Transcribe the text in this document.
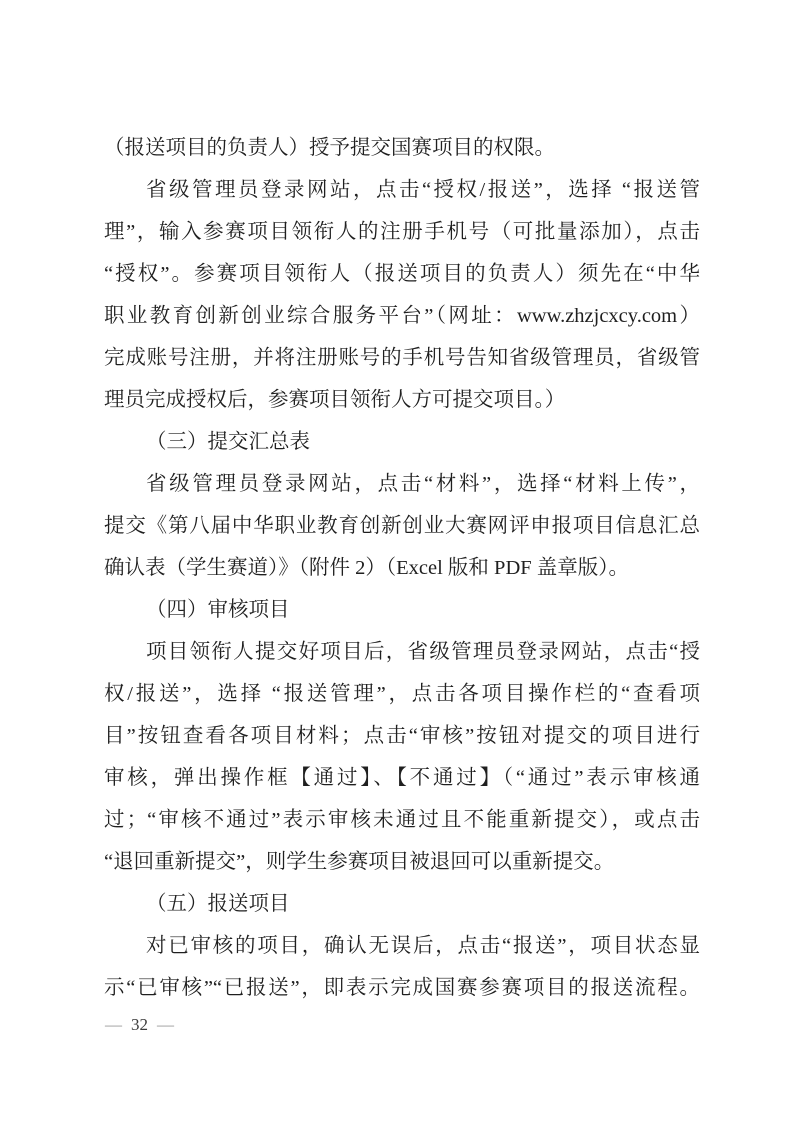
（报送项目的负责人）授予提交国赛项目的权限。
省级管理员登录网站，点击“授权/报送”，选择 “报送管
理”，输入参赛项目领衔人的注册手机号（可批量添加），点击
“授权”。参赛项目领衔人（报送项目的负责人）须先在“中华
职业教育创新创业综合服务平台”（网址：www.zhzjcxcy.com）
完成账号注册，并将注册账号的手机号告知省级管理员，省级管
理员完成授权后，参赛项目领衔人方可提交项目。）
（三）提交汇总表
省级管理员登录网站，点击“材料”，选择“材料上传”，
提交《第八届中华职业教育创新创业大赛网评申报项目信息汇总
确认表（学生赛道）》（附件 2）（Excel 版和 PDF 盖章版）。
（四）审核项目
项目领衔人提交好项目后，省级管理员登录网站，点击“授
权/报送”，选择 “报送管理”，点击各项目操作栏的“查看项
目”按钮查看各项目材料；点击“审核”按钮对提交的项目进行
审核，弹出操作框【通过】、【不通过】（“通过”表示审核通
过；“审核不通过”表示审核未通过且不能重新提交），或点击
“退回重新提交”，则学生参赛项目被退回可以重新提交。
（五）报送项目
对已审核的项目，确认无误后，点击“报送”，项目状态显
示“已审核”“已报送”，即表示完成国赛参赛项目的报送流程。
— 32 —
